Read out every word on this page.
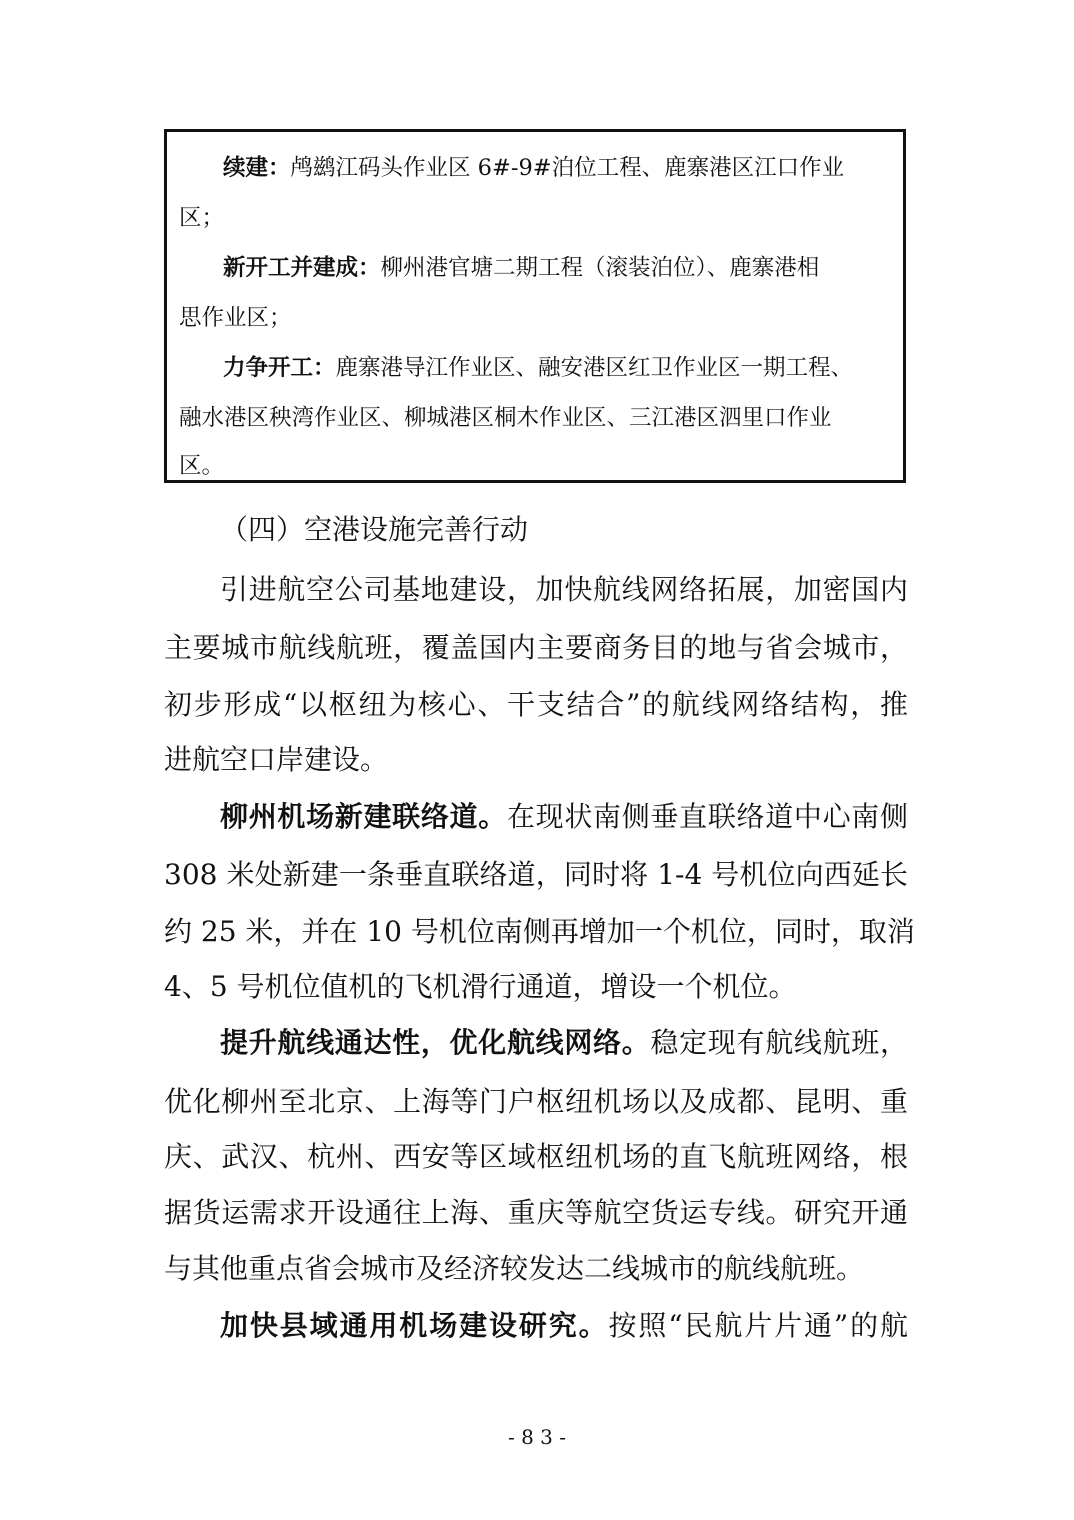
续建：鸬鹚江码头作业区 6#-9#泊位工程、鹿寨港区江口作业
区；
新开工并建成：柳州港官塘二期工程（滚装泊位）、鹿寨港相
思作业区；
力争开工：鹿寨港导江作业区、融安港区红卫作业区一期工程、
融水港区秧湾作业区、柳城港区桐木作业区、三江港区泗里口作业
区。
（四）空港设施完善行动
引进航空公司基地建设，加快航线网络拓展，加密国内
主要城市航线航班，覆盖国内主要商务目的地与省会城市，
初步形成“以枢纽为核心、干支结合”的航线网络结构，推
进航空口岸建设。
柳州机场新建联络道。在现状南侧垂直联络道中心南侧
308 米处新建一条垂直联络道，同时将 1-4 号机位向西延长
约 25 米，并在 10 号机位南侧再增加一个机位，同时，取消
4、5 号机位值机的飞机滑行通道，增设一个机位。
提升航线通达性，优化航线网络。稳定现有航线航班，
优化柳州至北京、上海等门户枢纽机场以及成都、昆明、重
庆、武汉、杭州、西安等区域枢纽机场的直飞航班网络，根
据货运需求开设通往上海、重庆等航空货运专线。研究开通
与其他重点省会城市及经济较发达二线城市的航线航班。
加快县域通用机场建设研究。按照“民航片片通”的航
- 8 3 -
